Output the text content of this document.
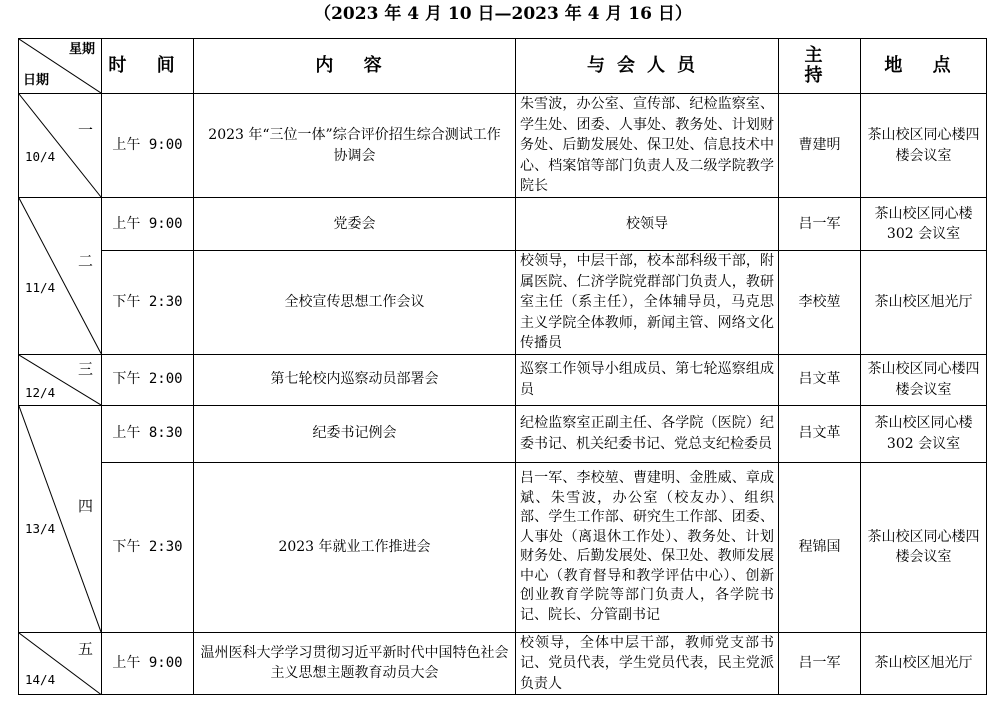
（2023 年 4 月 10 日—2023 年 4 月 16 日）
星期
日期	时 间	内 容	与会人员	主 持	地 点

一
10/4	上午 9:00	2023 年“三位一体”综合评价招生综合测试工作协调会	朱雪波，办公室、宣传部、纪检监察室、学生处、团委、人事处、教务处、计划财务处、后勤发展处、保卫处、信息技术中心、档案馆等部门负责人及二级学院教学院长	曹建明	茶山校区同心楼四楼会议室

二
11/4	上午 9:00	党委会	校领导	吕一军	茶山校区同心楼302 会议室
	下午 2:30	全校宣传思想工作会议	校领导，中层干部，校本部科级干部，附属医院、仁济学院党群部门负责人，教研室主任（系主任），全体辅导员，马克思主义学院全体教师，新闻主管、网络文化传播员	李校堃	茶山校区旭光厅

三
12/4	下午 2:00	第七轮校内巡察动员部署会	巡察工作领导小组成员、第七轮巡察组成员	吕文革	茶山校区同心楼四楼会议室

四
13/4	上午 8:30	纪委书记例会	纪检监察室正副主任、各学院（医院）纪委书记、机关纪委书记、党总支纪检委员	吕文革	茶山校区同心楼302 会议室
	下午 2:30	2023 年就业工作推进会	吕一军、李校堃、曹建明、金胜威、章成斌、朱雪波，办公室（校友办）、组织部、学生工作部、研究生工作部、团委、人事处（离退休工作处）、教务处、计划财务处、后勤发展处、保卫处、教师发展中心（教育督导和教学评估中心）、创新创业教育学院等部门负责人，各学院书记、院长、分管副书记	程锦国	茶山校区同心楼四楼会议室

五
14/4	上午 9:00	温州医科大学学习贯彻习近平新时代中国特色社会主义思想主题教育动员大会	校领导，全体中层干部，教师党支部书记、党员代表，学生党员代表，民主党派负责人	吕一军	茶山校区旭光厅
